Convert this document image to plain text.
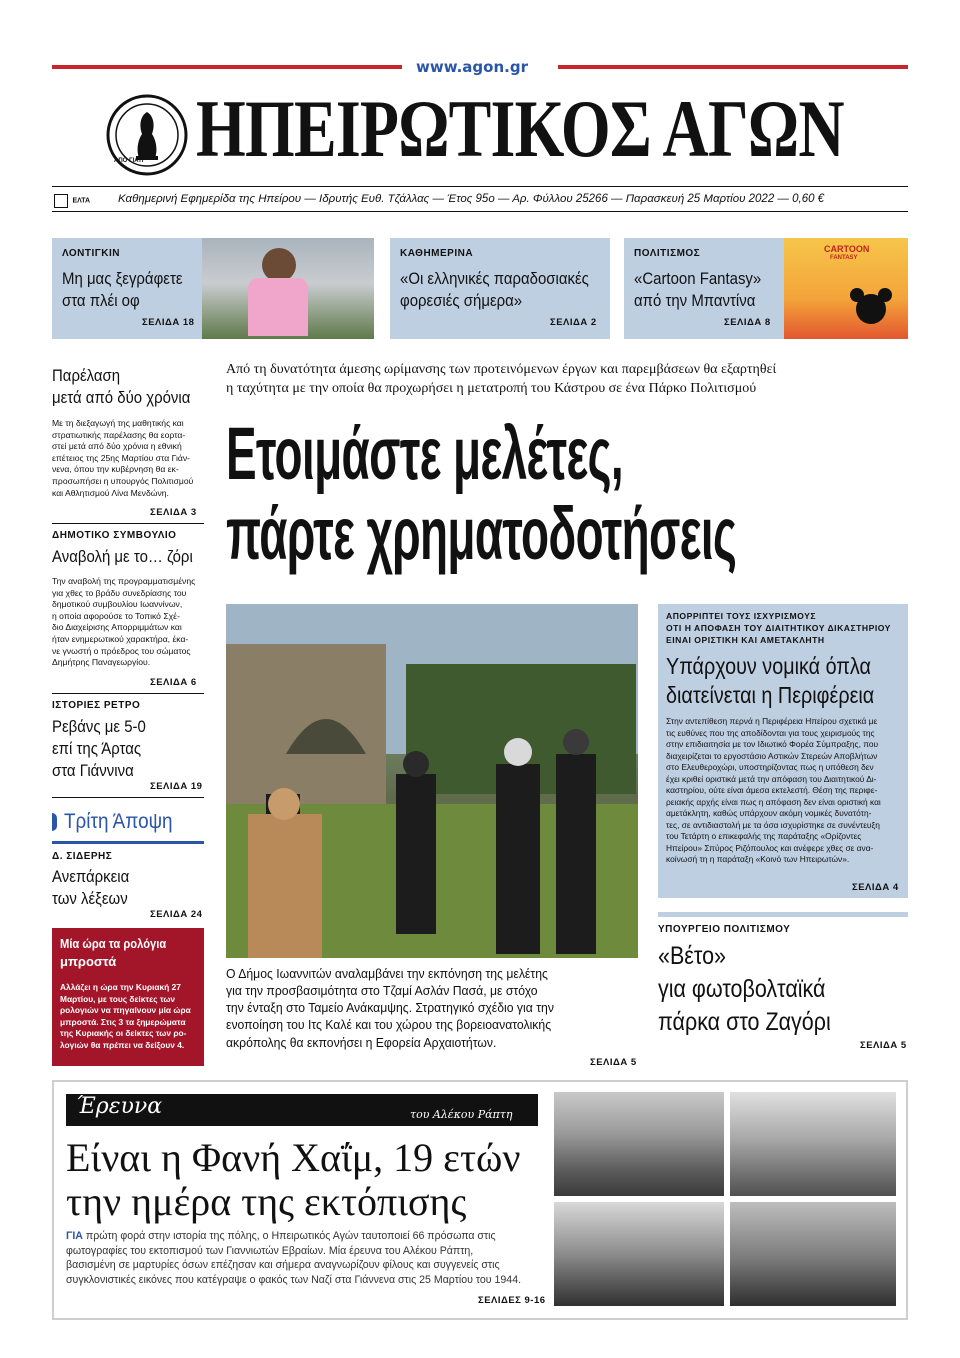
www.agon.gr
ΑΠΟ ΓΙΑΤΙ ΗΠΕΙΡΩΤΙΚΟΣ ΑΓΩΝ
ΕΛΤΑ Καθημερινή Εφημερίδα της Ηπείρου — Ιδρυτής Ευθ. Τζάλλας — Έτος 95ο — Αρ. Φύλλου 25266 — Παρασκευή 25 Μαρτίου 2022 — 0,60 €
ΛΟΝΤΙΓΚΙΝ
Μη μας ξεγράφετε
στα πλέι οφ
ΣΕΛΙΔΑ 18
ΚΑΘΗΜΕΡΙΝΑ
«Οι ελληνικές παραδοσιακές
φορεσιές σήμερα»
ΣΕΛΙΔΑ 2
CARTOON
FANTASY
ΠΟΛΙΤΙΣΜΟΣ
«Cartoon Fantasy»
από την Μπαντίνα
ΣΕΛΙΔΑ 8
Παρέλαση
μετά από δύο χρόνια
Με τη διεξαγωγή της μαθητικής και
στρατιωτικής παρέλασης θα εορτα-
στεί μετά από δύο χρόνια η εθνική
επέτειος της 25ης Μαρτίου στα Γιάν-
νενα, όπου την κυβέρνηση θα εκ-
προσωπήσει η υπουργός Πολιτισμού
και Αθλητισμού Λίνα Μενδώνη.
ΣΕΛΙΔΑ 3
ΔΗΜΟΤΙΚΟ ΣΥΜΒΟΥΛΙΟ
Αναβολή με το… ζόρι
Την αναβολή της προγραμματισμένης
για χθες το βράδυ συνεδρίασης του
δημοτικού συμβουλίου Ιωαννίνων,
η οποία αφορούσε το Τοπικό Σχέ-
διο Διαχείρισης Απορριμμάτων και
ήταν ενημερωτικού χαρακτήρα, έκα-
νε γνωστή ο πρόεδρος του σώματος
Δημήτρης Παναγεωργίου.
ΣΕΛΙΔΑ 6
ΙΣΤΟΡΙΕΣ ΡΕΤΡΟ
Ρεβάνς με 5-0
επί της Άρτας
στα Γιάννινα
ΣΕΛΙΔΑ 19
Τρίτη Άποψη
Δ. ΣΙΔΕΡΗΣ
Ανεπάρκεια
των λέξεων
ΣΕΛΙΔΑ 24
Μία ώρα τα ρολόγια
μπροστά
Αλλάζει η ώρα την Κυριακή 27
Μαρτίου, με τους δείκτες των
ρολογιών να πηγαίνουν μία ώρα
μπροστά. Στις 3 τα ξημερώματα
της Κυριακής οι δείκτες των ρο-
λογιών θα πρέπει να δείξουν 4.
Από τη δυνατότητα άμεσης ωρίμανσης των προτεινόμενων έργων και παρεμβάσεων θα εξαρτηθεί
η ταχύτητα με την οποία θα προχωρήσει η μετατροπή του Κάστρου σε ένα Πάρκο Πολιτισμού
Ετοιμάστε μελέτες,
πάρτε χρηματοδοτήσεις
Ο Δήμος Ιωαννιτών αναλαμβάνει την εκπόνηση της μελέτης
για την προσβασιμότητα στο Τζαμί Ασλάν Πασά, με στόχο
την ένταξη στο Ταμείο Ανάκαμψης. Στρατηγικό σχέδιο για την
ενοποίηση του Ιτς Καλέ και του χώρου της βορειοανατολικής
ακρόπολης θα εκπονήσει η Εφορεία Αρχαιοτήτων.
ΣΕΛΙΔΑ 5
ΑΠΟΡΡΙΠΤΕΙ ΤΟΥΣ ΙΣΧΥΡΙΣΜΟΥΣ
ΟΤΙ Η ΑΠΟΦΑΣΗ ΤΟΥ ΔΙΑΙΤΗΤΙΚΟΥ ΔΙΚΑΣΤΗΡΙΟΥ
ΕΙΝΑΙ ΟΡΙΣΤΙΚΗ ΚΑΙ ΑΜΕΤΑΚΛΗΤΗ
Υπάρχουν νομικά όπλα
διατείνεται η Περιφέρεια
Στην αντεπίθεση περνά η Περιφέρεια Ηπείρου σχετικά με
τις ευθύνες που της αποδίδονται για τους χειρισμούς της
στην επιδιαιτησία με τον Ιδιωτικό Φορέα Σύμπραξης, που
διαχειρίζεται το εργοστάσιο Αστικών Στερεών Αποβλήτων
στο Ελευθεροχώρι, υποστηρίζοντας πως η υπόθεση δεν
έχει κριθεί οριστικά μετά την απόφαση του Διαιτητικού Δι-
καστηρίου, ούτε είναι άμεσα εκτελεστή. Θέση της περιφε-
ρειακής αρχής είναι πως η απόφαση δεν είναι οριστική και
αμετάκλητη, καθώς υπάρχουν ακόμη νομικές δυνατότη-
τες, σε αντιδιαστολή με τα όσα ισχυρίστηκε σε συνέντευξη
του Τετάρτη ο επικεφαλής της παράταξης «Ορίζοντες
Ηπείρου» Σπύρος Ριζόπουλος και ανέφερε χθες σε ανα-
κοίνωσή τη η παράταξη «Κοινό των Ηπειρωτών».
ΣΕΛΙΔΑ 4
ΥΠΟΥΡΓΕΙΟ ΠΟΛΙΤΙΣΜΟΥ
«Βέτο»
για φωτοβολταϊκά
πάρκα στο Ζαγόρι
ΣΕΛΙΔΑ 5
Έρευνα	του Αλέκου Ράπτη
Είναι η Φανή Χαΐμ, 19 ετών
την ημέρα της εκτόπισης
ΓΙΑ πρώτη φορά στην ιστορία της πόλης, ο Ηπειρωτικός Αγών ταυτοποιεί 66 πρόσωπα στις
φωτογραφίες του εκτοπισμού των Γιαννιωτών Εβραίων. Μία έρευνα του Αλέκου Ράπτη,
βασισμένη σε μαρτυρίες όσων επέζησαν και σήμερα αναγνωρίζουν φίλους και συγγενείς στις
συγκλονιστικές εικόνες που κατέγραψε ο φακός των Ναζί στα Γιάννενα στις 25 Μαρτίου του 1944.
ΣΕΛΙΔΕΣ 9-16
